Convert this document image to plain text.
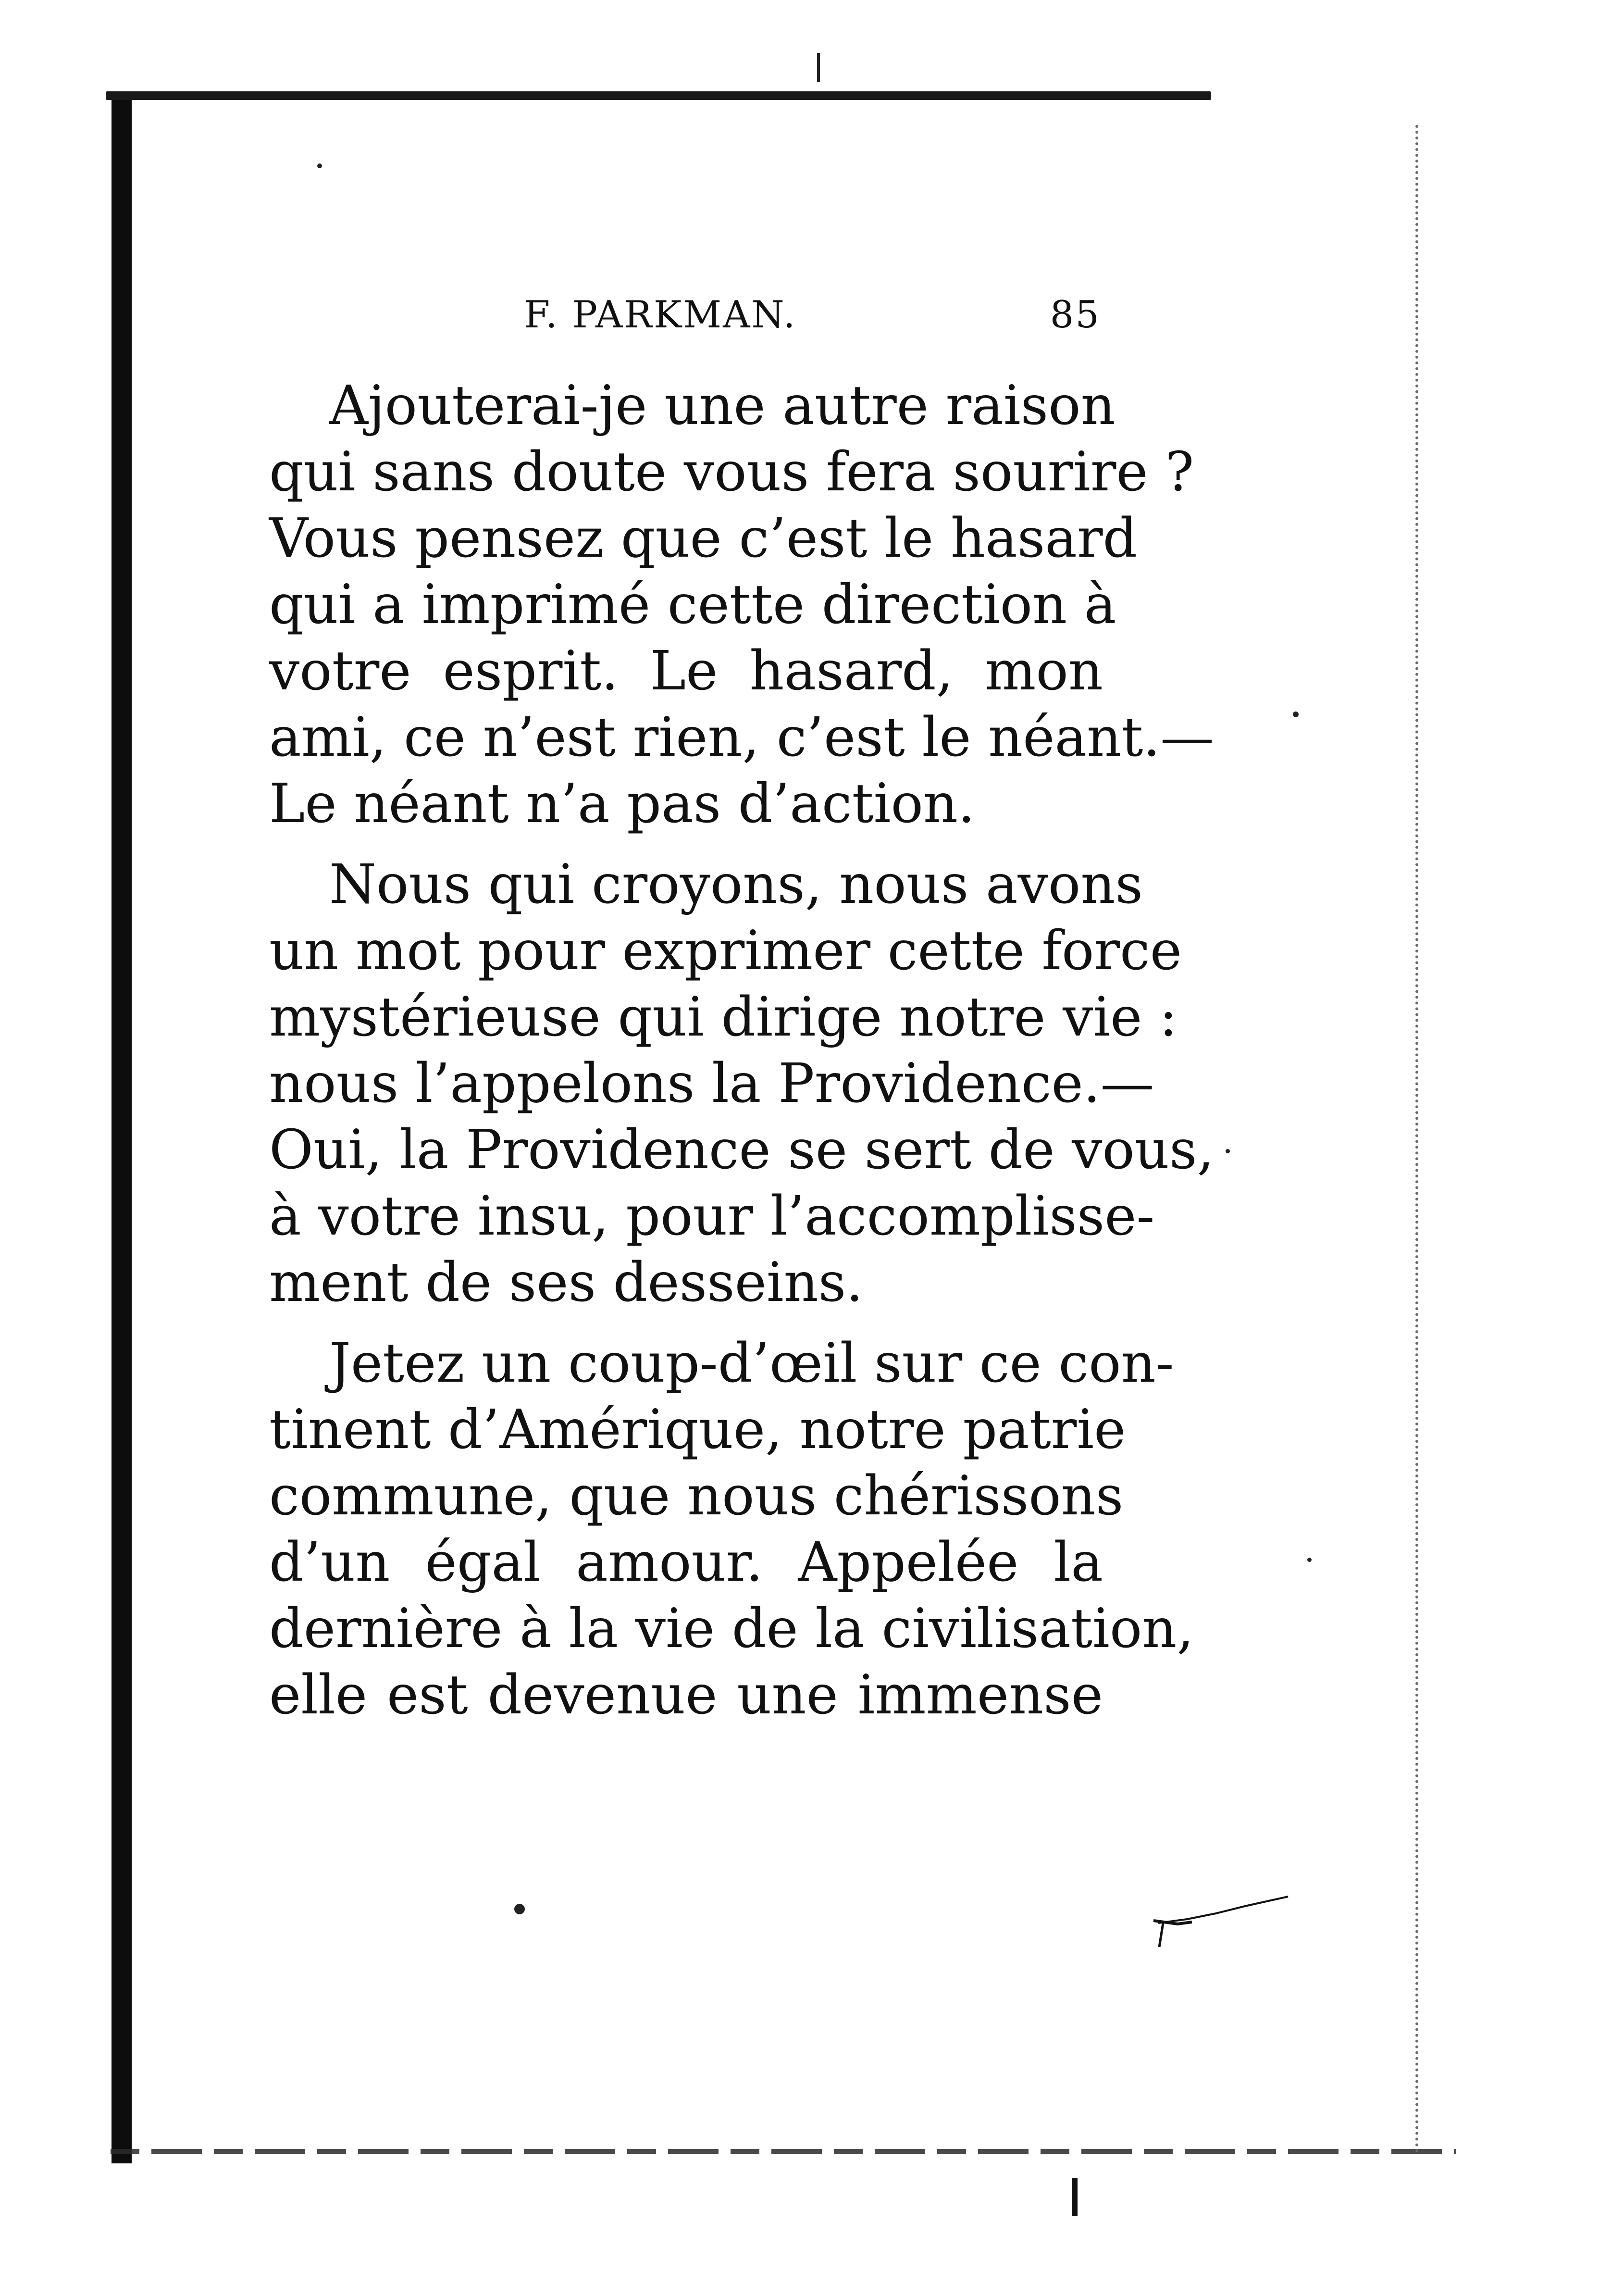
F. PARKMAN.	85
Ajouterai-je une autre raison
qui sans doute vous fera sourire ?
Vous pensez que c’est le hasard
qui a imprimé cette direction à
votre esprit. Le hasard, mon
ami, ce n’est rien, c’est le néant.—
Le néant n’a pas d’action.
Nous qui croyons, nous avons
un mot pour exprimer cette force
mystérieuse qui dirige notre vie :
nous l’appelons la Providence.—
Oui, la Providence se sert de vous,
à votre insu, pour l’accomplisse-
ment de ses desseins.
Jetez un coup-d’œil sur ce con-
tinent d’Amérique, notre patrie
commune, que nous chérissons
d’un égal amour. Appelée la
dernière à la vie de la civilisation,
elle est devenue une immense
